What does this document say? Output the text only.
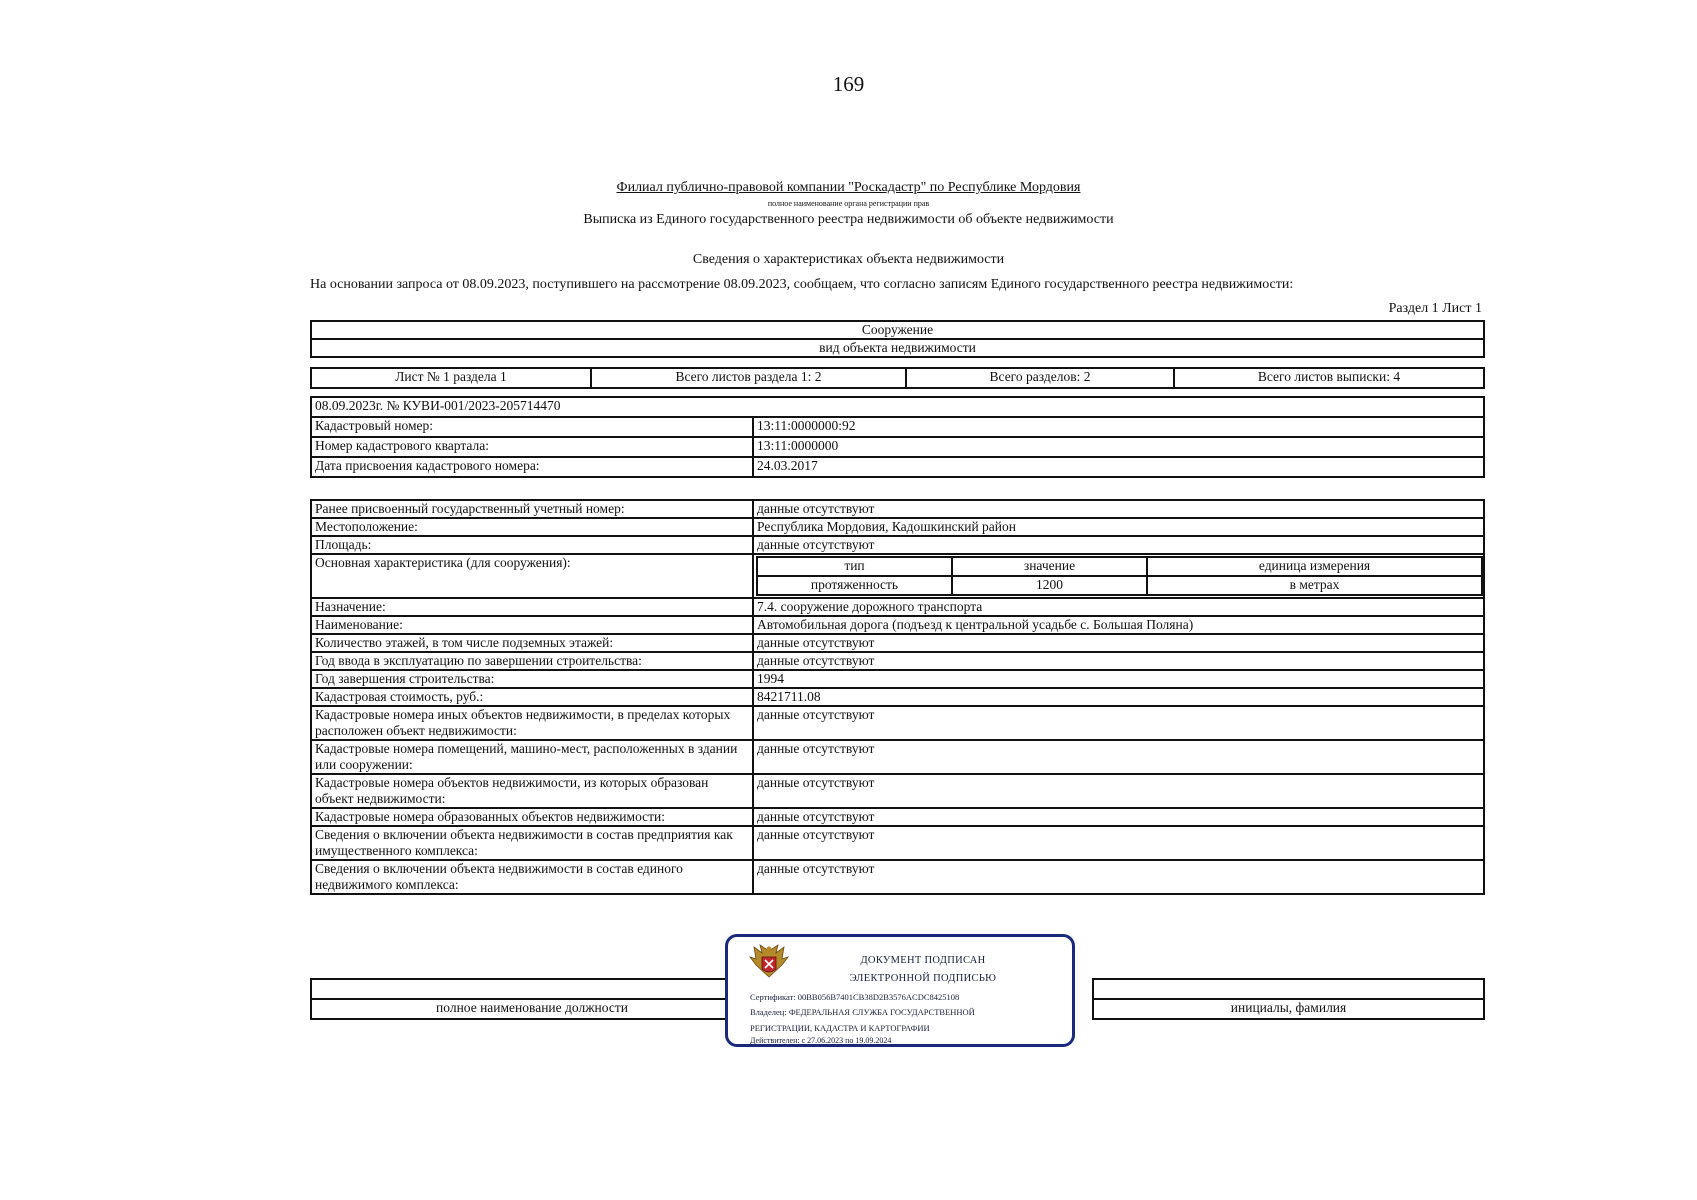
169
Филиал публично-правовой компании "Роскадастр" по Республике Мордовия
полное наименование органа регистрации прав
Выписка из Единого государственного реестра недвижимости об объекте недвижимости
Сведения о характеристиках объекта недвижимости
На основании запроса от 08.09.2023, поступившего на рассмотрение 08.09.2023, сообщаем, что согласно записям Единого государственного реестра недвижимости:
Раздел 1 Лист 1
Сооружение
вид объекта недвижимости
Лист № 1 раздела 1	Всего листов раздела 1: 2	Всего разделов: 2	Всего листов выписки: 4
08.09.2023г. № КУВИ-001/2023-205714470	
Кадастровый номер:	13:11:0000000:92
Номер кадастрового квартала:	13:11:0000000
Дата присвоения кадастрового номера:	24.03.2017
Ранее присвоенный государственный учетный номер:	данные отсутствуют
Местоположение:	Республика Мордовия, Кадошкинский район
Площадь:	данные отсутствуют
Основная характеристика (для сооружения):		тип	значение	единица измерения
протяженность	1200	в метрах

Назначение:	7.4. сооружение дорожного транспорта
Наименование:	Автомобильная дорога (подъезд к центральной усадьбе с. Большая Поляна)
Количество этажей, в том числе подземных этажей:	данные отсутствуют
Год ввода в эксплуатацию по завершении строительства:	данные отсутствуют
Год завершения строительства:	1994
Кадастровая стоимость, руб.:	8421711.08
Кадастровые номера иных объектов недвижимости, в пределах которых расположен объект недвижимости:	данные отсутствуют
Кадастровые номера помещений, машино-мест, расположенных в здании или сооружении:	данные отсутствуют
Кадастровые номера объектов недвижимости, из которых образован объект недвижимости:	данные отсутствуют
Кадастровые номера образованных объектов недвижимости:	данные отсутствуют
Сведения о включении объекта недвижимости в состав предприятия как имущественного комплекса:	данные отсутствуют
Сведения о включении объекта недвижимости в состав единого недвижимого комплекса:	данные отсутствуют

полное наименование должности		инициалы, фамилия
ДОКУМЕНТ ПОДПИСАН
ЭЛЕКТРОННОЙ ПОДПИСЬЮ
Сертификат: 00BB056B7401CB38D2B3576ACDC8425108
Владелец: ФЕДЕРАЛЬНАЯ СЛУЖБА ГОСУДАРСТВЕННОЙ
РЕГИСТРАЦИИ, КАДАСТРА И КАРТОГРАФИИ
Действителен: с 27.06.2023 по 19.09.2024
